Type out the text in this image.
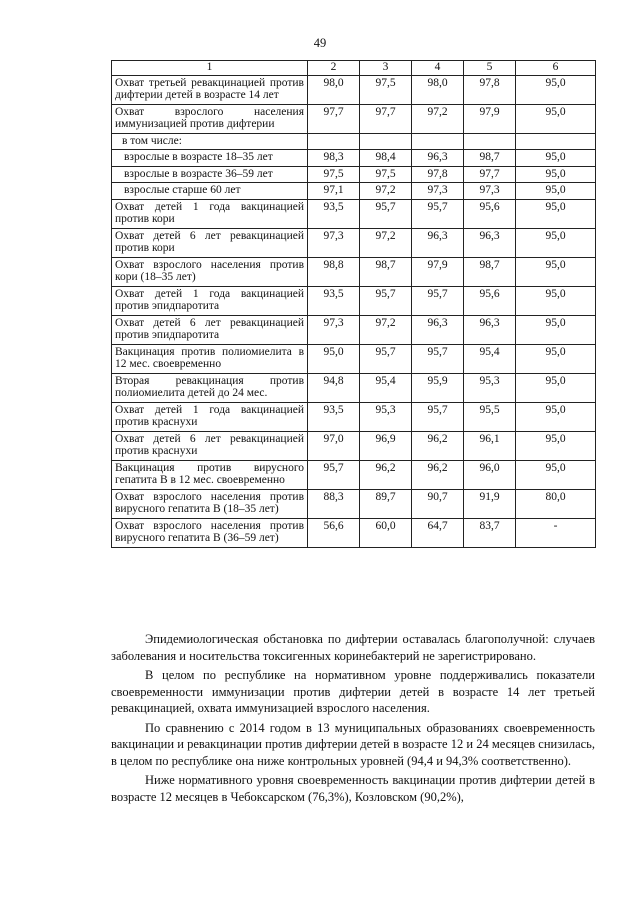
49
1	2	3	4	5	6
Охват третьей ревакцинацией против дифтерии детей в возрасте 14 лет	98,0	97,5	98,0	97,8	95,0
Охват взрослого населения иммунизацией против дифтерии	97,7	97,7	97,2	97,9	95,0
в том числе:					
взрослые в возрасте 18–35 лет	98,3	98,4	96,3	98,7	95,0
взрослые в возрасте 36–59 лет	97,5	97,5	97,8	97,7	95,0
взрослые старше 60 лет	97,1	97,2	97,3	97,3	95,0
Охват детей 1 года вакцинацией против кори	93,5	95,7	95,7	95,6	95,0
Охват детей 6 лет ревакцинацией против кори	97,3	97,2	96,3	96,3	95,0
Охват взрослого населения против кори (18–35 лет)	98,8	98,7	97,9	98,7	95,0
Охват детей 1 года вакцинацией против эпидпаротита	93,5	95,7	95,7	95,6	95,0
Охват детей 6 лет ревакцинацией против эпидпаротита	97,3	97,2	96,3	96,3	95,0
Вакцинация против полиомиелита в 12 мес. своевременно	95,0	95,7	95,7	95,4	95,0
Вторая ревакцинация против полиомиелита детей до 24 мес.	94,8	95,4	95,9	95,3	95,0
Охват детей 1 года вакцинацией против краснухи	93,5	95,3	95,7	95,5	95,0
Охват детей 6 лет ревакцинацией против краснухи	97,0	96,9	96,2	96,1	95,0
Вакцинация против вирусного гепатита В в 12 мес. своевременно	95,7	96,2	96,2	96,0	95,0
Охват взрослого населения против вирусного гепатита В (18–35 лет)	88,3	89,7	90,7	91,9	80,0
Охват взрослого населения против вирусного гепатита В (36–59 лет)	56,6	60,0	64,7	83,7	-

Эпидемиологическая обстановка по дифтерии оставалась благополучной: случаев заболевания и носительства токсигенных коринебактерий не зарегистрировано.

В целом по республике на нормативном уровне поддерживались показатели своевременности иммунизации против дифтерии детей в возрасте 14 лет третьей ревакцинацией, охвата иммунизацией взрослого населения.

По сравнению с 2014 годом в 13 муниципальных образованиях своевременность вакцинации и ревакцинации против дифтерии детей в возрасте 12 и 24 месяцев снизилась, в целом по республике она ниже контрольных уровней (94,4 и 94,3% соответственно).

Ниже нормативного уровня своевременность вакцинации против дифтерии детей в возрасте 12 месяцев в Чебоксарском (76,3%), Козловском (90,2%),
